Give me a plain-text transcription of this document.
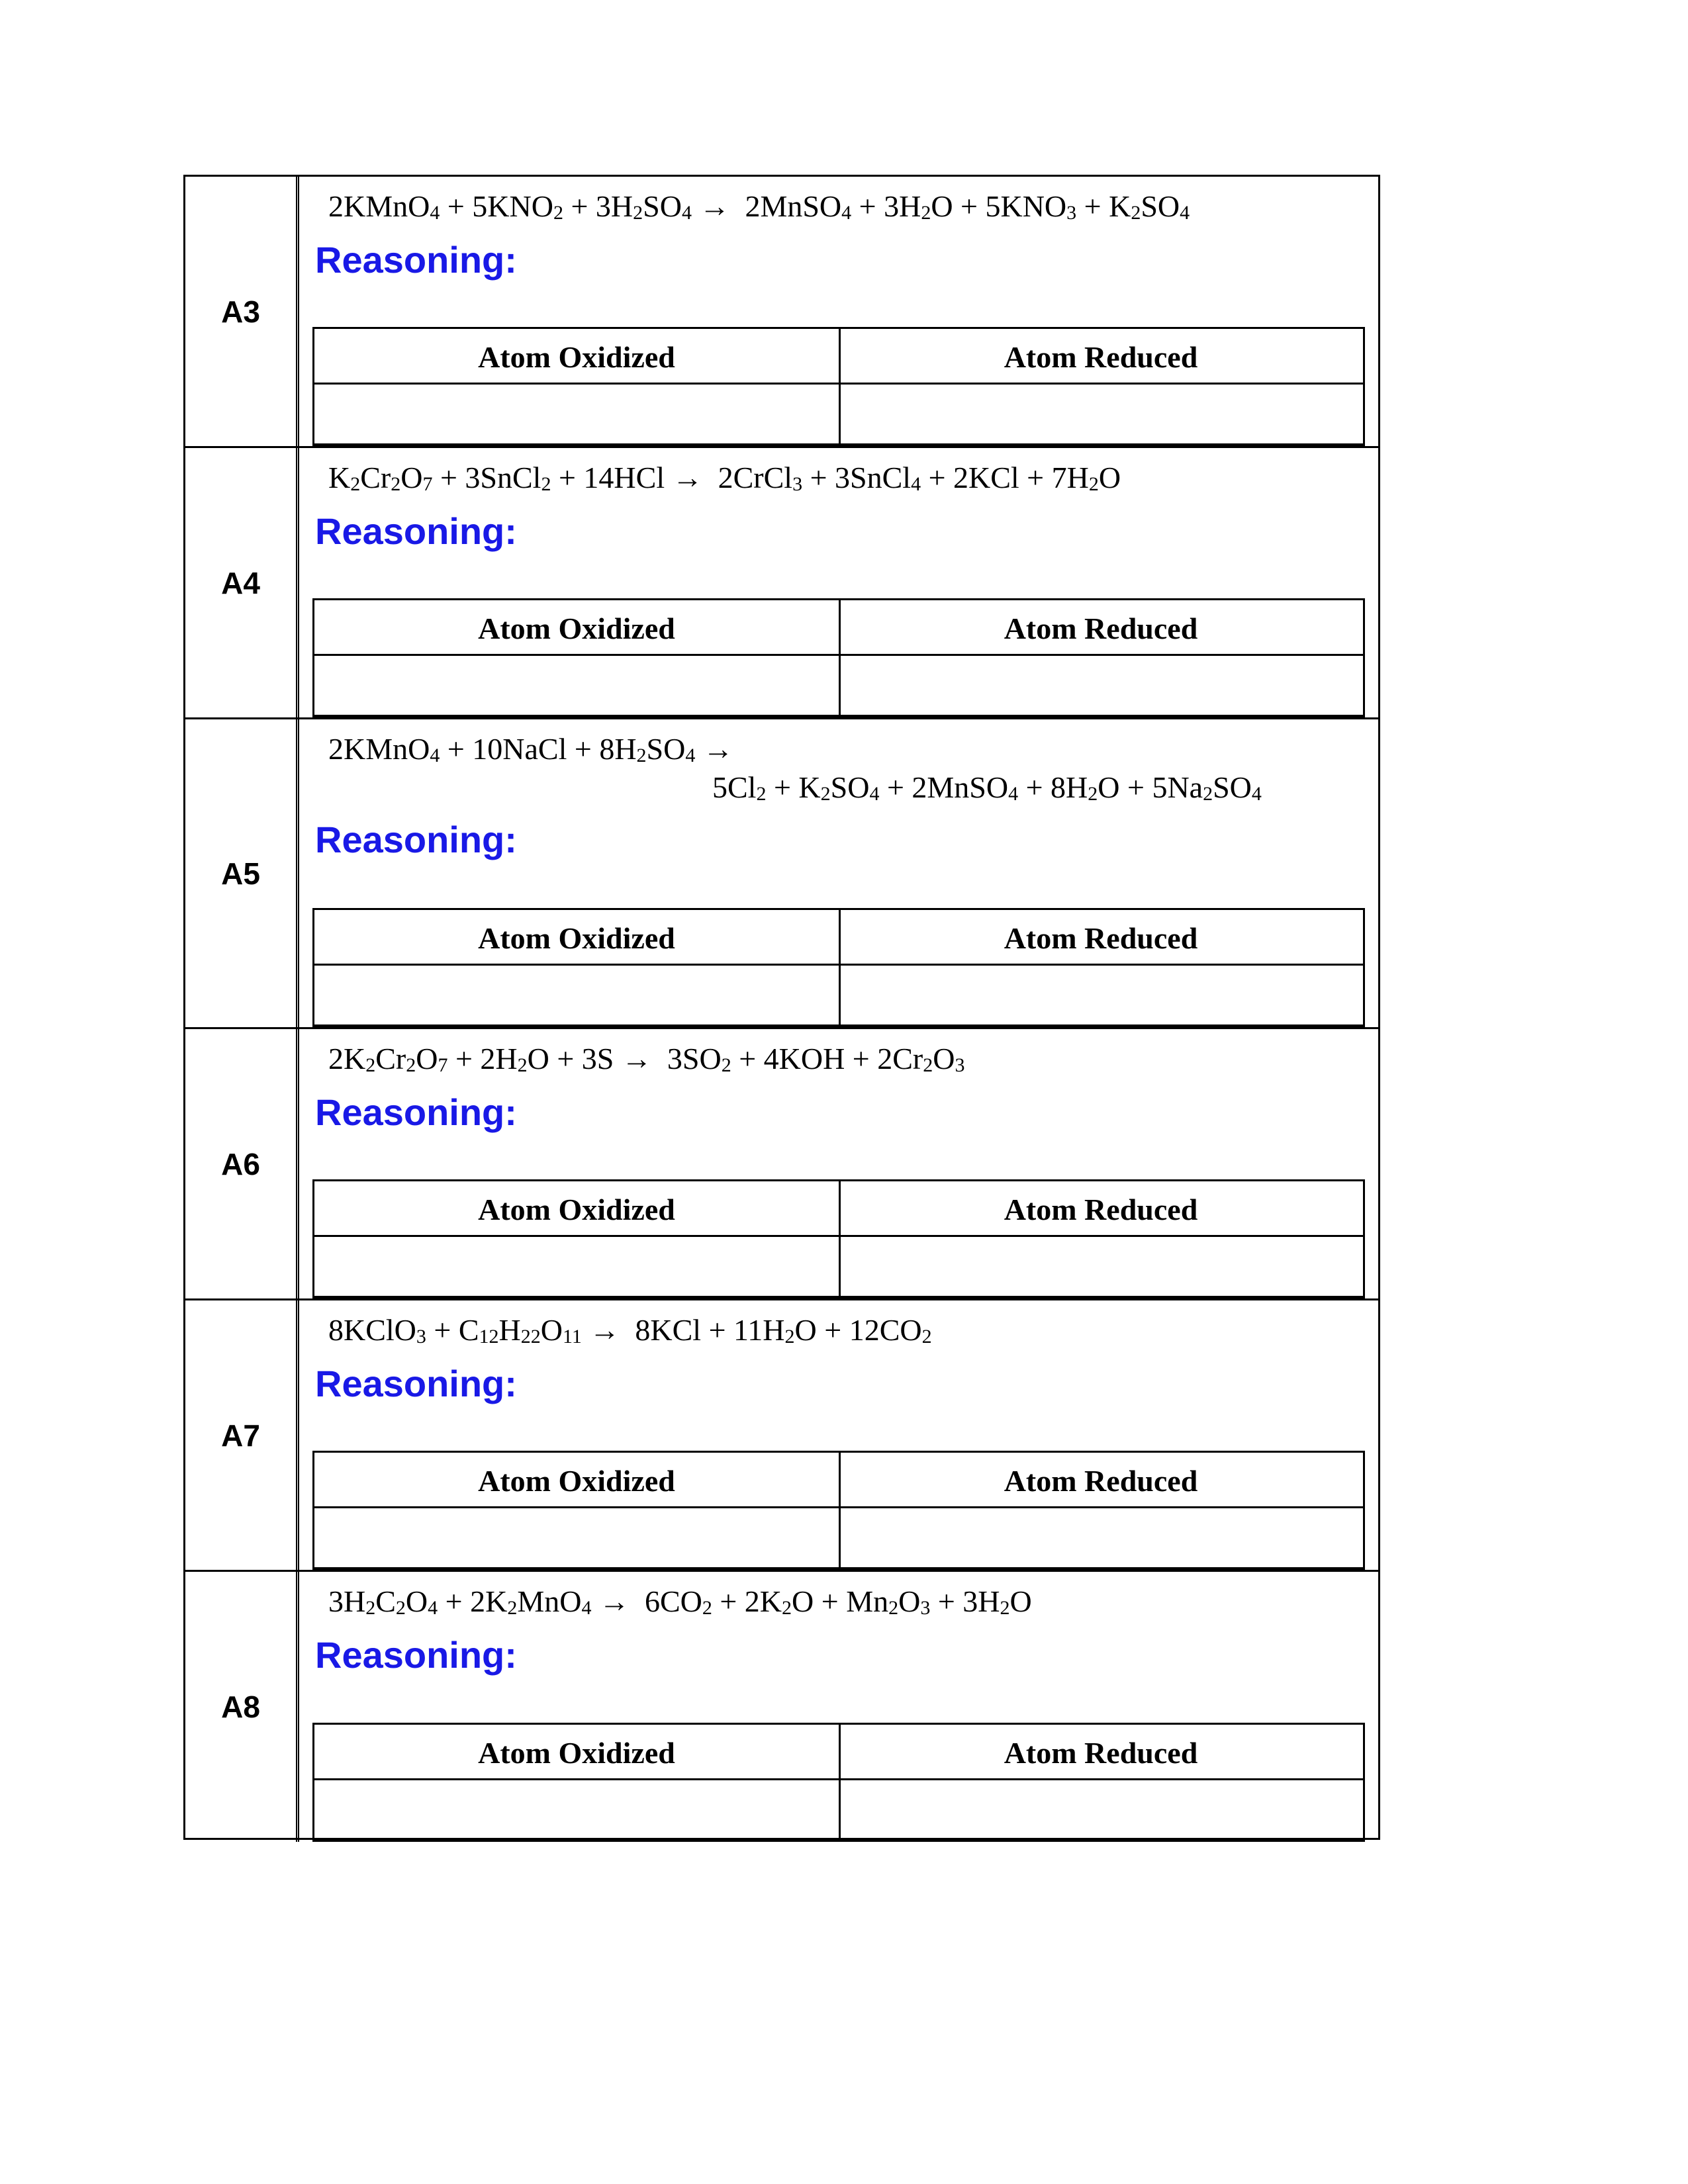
A3
2KMnO$_4$ + $5KNO_2 + 3H_2SO_4$ →  2MnSO$_4$ + $3H_2O + 5KNO_3 + K_2SO_4$
Reasoning:
Atom Oxidized	Atom Reduced
A4
$K_2Cr_2O_7$ + 3SnCl$_2$ + 14HCl →  2CrCl$_3$ + 3SnCl$_4$ + $2KCl + 7H_2O$
Reasoning:
Atom Oxidized	Atom Reduced
A5
2KMnO$_4$ + 10NaCl + $8H_2SO_4$ →
$5Cl_2 + K_2SO_4$ + 2MnSO$_4$ + $8H_2O + 5Na_2SO_4$
Reasoning:
Atom Oxidized	Atom Reduced
A6
$2K_2Cr_2O_7 + 2H_2O + 3S \to 3SO_2 + 4KOH + 2Cr_2O_3$
Reasoning:
Atom Oxidized	Atom Reduced
A7
8KClO$_3$ + $C_{12}H_{22}O_{11} \to 8KCl + 11H_2O + 12CO_2$
Reasoning:
Atom Oxidized	Atom Reduced
A8
$3H_2C_2O_4 + 2K_2MnO_4 \to 6CO_2 + 2K_2O + Mn_2O_3 + 3H_2O$
Reasoning:
Atom Oxidized	Atom Reduced
